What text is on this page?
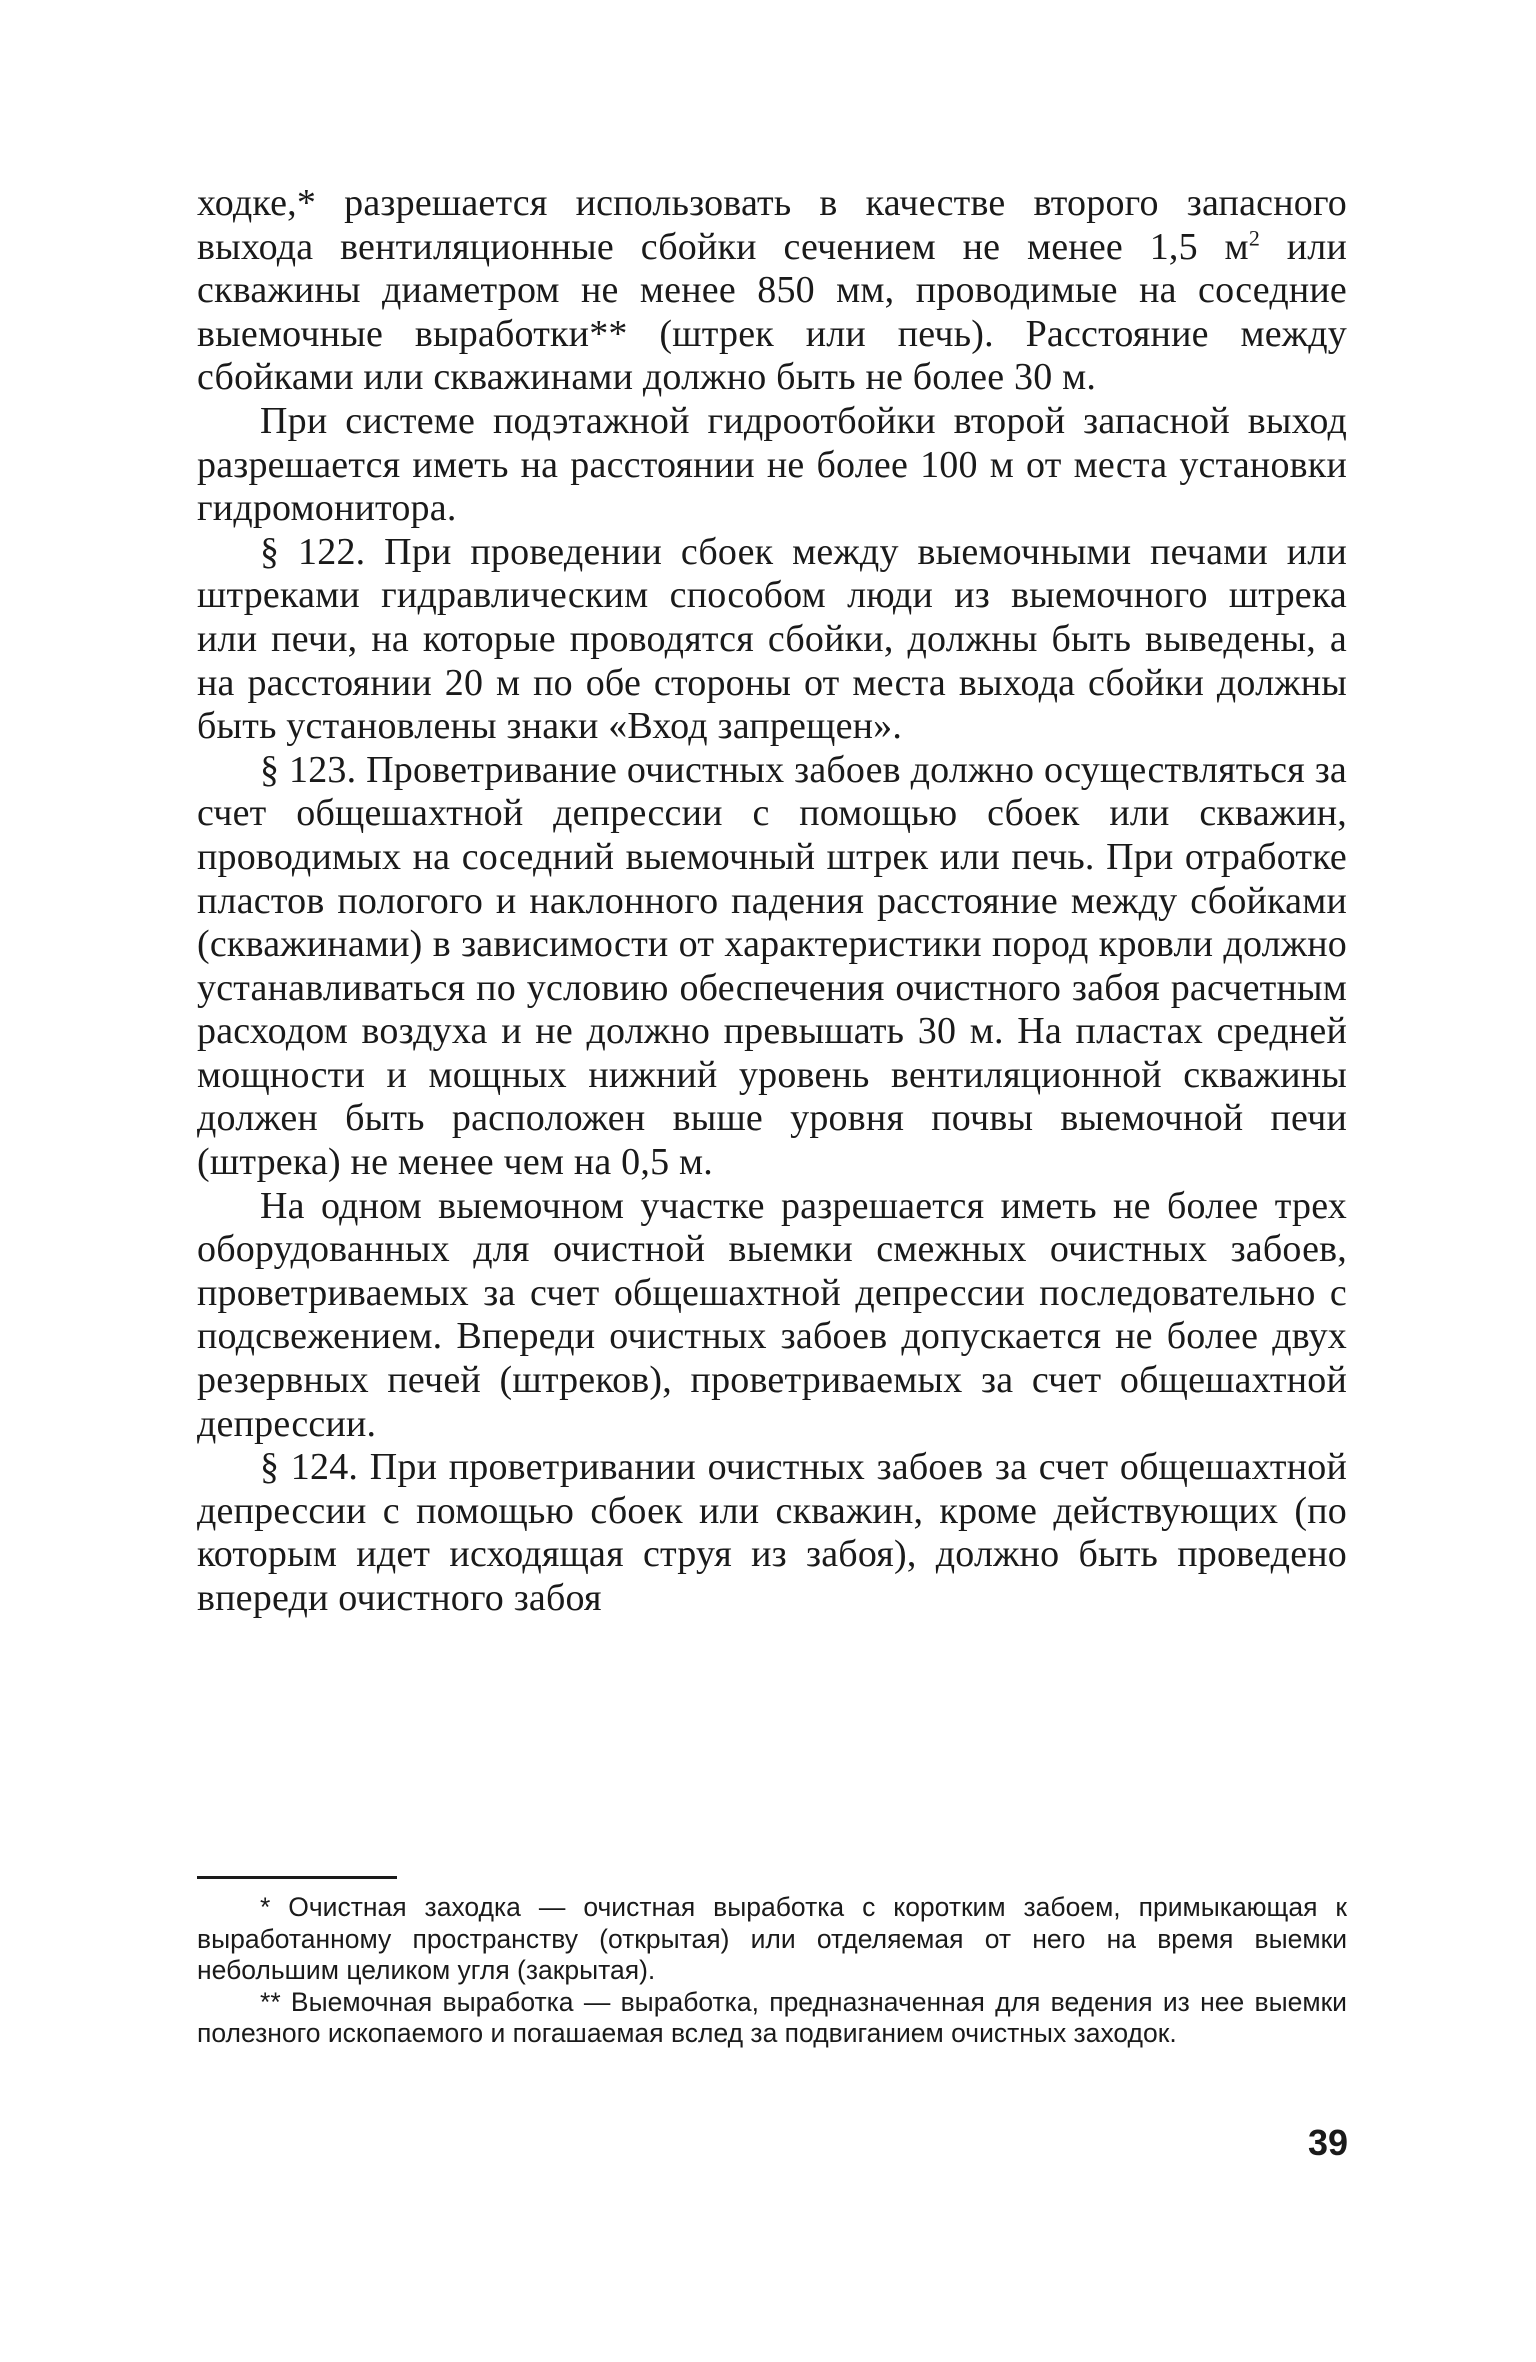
ходке,* разрешается использовать в качестве второго запасного выхода вентиляционные сбойки сечением не менее 1,5 $м^2$ или скважины диаметром не менее 850 мм, проводимые на соседние выемочные выработки** (штрек или печь). Расстояние между сбойками или скважинами должно быть не более 30 м.

При системе подэтажной гидроотбойки второй запасной выход разрешается иметь на расстоянии не более 100 м от места установки гидромонитора.

§ 122. При проведении сбоек между выемочными печами или штреками гидравлическим способом люди из выемочного штрека или печи, на которые проводятся сбойки, должны быть выведены, а на расстоянии 20 м по обе стороны от места выхода сбойки должны быть установлены знаки «Вход запрещен».

§ 123. Проветривание очистных забоев должно осуществляться за счет общешахтной депрессии с помощью сбоек или скважин, проводимых на соседний выемочный штрек или печь. При отработке пластов пологого и наклонного падения расстояние между сбойками (скважинами) в зависимости от характеристики пород кровли должно устанавливаться по условию обеспечения очистного забоя расчетным расходом воздуха и не должно превышать 30 м. На пластах средней мощности и мощных нижний уровень вентиляционной скважины должен быть расположен выше уровня почвы выемочной печи (штрека) не менее чем на 0,5 м.

На одном выемочном участке разрешается иметь не более трех оборудованных для очистной выемки смежных очистных забоев, проветриваемых за счет общешахтной депрессии последовательно с подсвежением. Впереди очистных забоев допускается не более двух резервных печей (штреков), проветриваемых за счет общешахтной депрессии.

§ 124. При проветривании очистных забоев за счет общешахтной депрессии с помощью сбоек или скважин, кроме действующих (по которым идет исходящая струя из забоя), должно быть проведено впереди очистного забоя

* Очистная заходка — очистная выработка с коротким забоем, примыкающая к выработанному пространству (открытая) или отделяемая от него на время выемки небольшим целиком угля (закрытая).

** Выемочная выработка — выработка, предназначенная для ведения из нее выемки полезного ископаемого и погашаемая вслед за подвиганием очистных заходок.

39
